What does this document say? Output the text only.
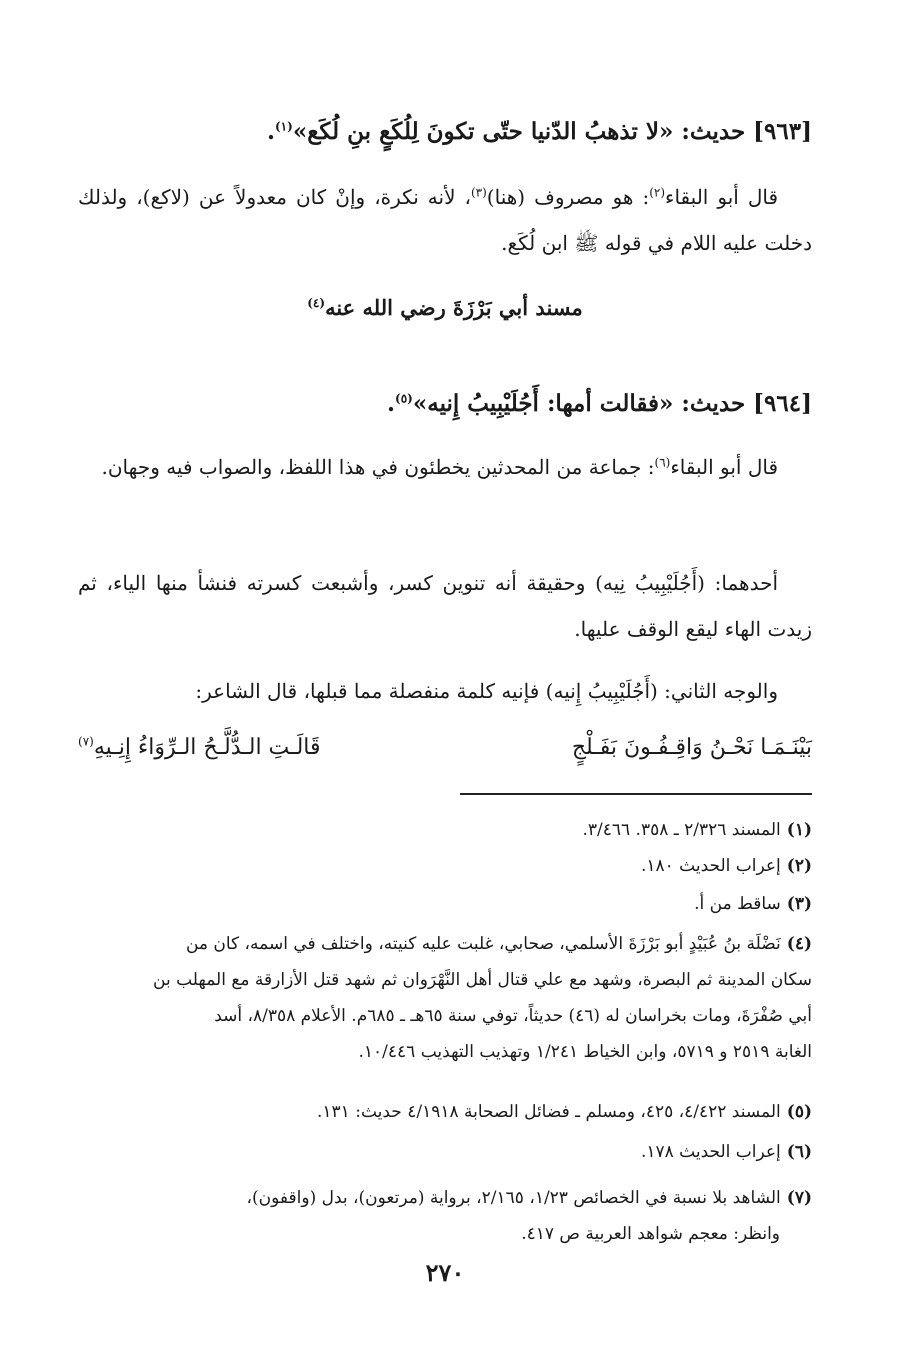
[٩٦٣] حديث: «لا تذهبُ الدّنيا حتّى تكونَ لِلُكَعٍ بنِ لُكَع»$^{(١)}$.
قال أبو البقاء$^{(٢)}$: هو مصروف (هنا)$^{(٣)}$، لأنه نكرة، وإنْ كان معدولاً عن (لاكع)، ولذلك دخلت عليه اللام في قوله ﷺ ابن لُكَع.
مسند أبي بَرْزَةَ رضي الله عنه$^{(٤)}$
[٩٦٤] حديث: «فقالت أمها: أَجُلَيْبِيبُ إِنيه»$^{(٥)}$.
قال أبو البقاء$^{(٦)}$: جماعة من المحدثين يخطئون في هذا اللفظ، والصواب فيه وجهان.
أحدهما: (أَجُلَيْبِيبُ نِيه) وحقيقة أنه تنوين كسر، وأشبعت كسرته فنشأ منها الياء، ثم زيدت الهاء ليقع الوقف عليها.
والوجه الثاني: (أَجُلَيْبِيبُ إِنيه) فإنيه كلمة منفصلة مما قبلها، قال الشاعر:
بَيْنَـمَـا نَحْـنُ وَاقِـفُـونَ بَفَـلْجٍ
قَالَـتِ الـدُّلَّـحُ الـرِّوَاءُ إِنِـيهِ$^{(٧)}$
(١)المسند ٢/٣٢٦ ـ ٣٥٨. ٣/٤٦٦.
(٢)إعراب الحديث ١٨٠.
(٣)ساقط من أ.
(٤)نَضْلَة بنُ عُبَيْدٍ أبو بَرْزَةَ الأسلمي، صحابي، غلبت عليه كنيته، واختلف في اسمه، كان من
سكان المدينة ثم البصرة، وشهد مع علي قتال أهل النَّهْرَوان ثم شهد قتل الأزارقة مع المهلب بن
أبي صُفْرَةَ، ومات بخراسان له (٤٦) حديثاً، توفي سنة ٦٥هـ ـ ٦٨٥م. الأعلام ٨/٣٥٨، أسد
الغابة ٢٥١٩ و ٥٧١٩، وابن الخياط ١/٢٤١ وتهذيب التهذيب ١٠/٤٤٦.
(٥)المسند ٤/٤٢٢، ٤٢٥، ومسلم ـ فضائل الصحابة ٤/١٩١٨ حديث: ١٣١.
(٦)إعراب الحديث ١٧٨.
(٧)الشاهد بلا نسبة في الخصائص ١/٢٣، ٢/١٦٥، برواية (مرتعون)، بدل (واقفون)،
وانظر: معجم شواهد العربية ص ٤١٧.
٢٧٠
